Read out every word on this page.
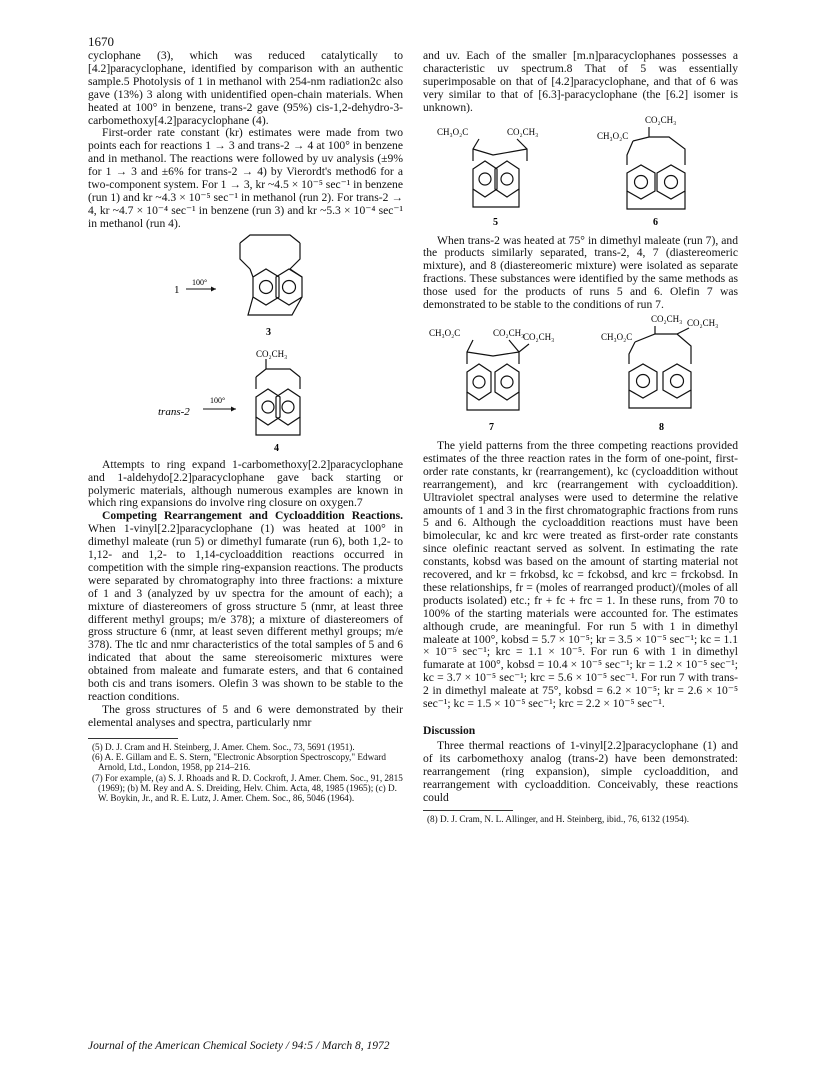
1670

cyclophane (3), which was reduced catalytically to [4.2]paracyclophane, identified by comparison with an authentic sample.5 Photolysis of 1 in methanol with 254-nm radiation2c also gave (13%) 3 along with unidentified open-chain materials. When heated at 100° in benzene, trans-2 gave (95%) cis-1,2-dehydro-3-carbomethoxy[4.2]paracyclophane (4).

First-order rate constant (kr) estimates were made from two points each for reactions 1 → 3 and trans-2 → 4 at 100° in benzene and in methanol. The reactions were followed by uv analysis (±9% for 1 → 3 and ±6% for trans-2 → 4) by Vierordt's method6 for a two-component system. For 1 → 3, kr ~4.5 × 10⁻⁵ sec⁻¹ in benzene (run 1) and kr ~4.3 × 10⁻⁵ sec⁻¹ in methanol (run 2). For trans-2 → 4, kr ~4.7 × 10⁻⁴ sec⁻¹ in benzene (run 3) and kr ~5.3 × 10⁻⁴ sec⁻¹ in methanol (run 4).

1
100°
3
CO₂CH₃
trans-2
100°
4

Attempts to ring expand 1-carbomethoxy[2.2]paracyclophane and 1-aldehydo[2.2]paracyclophane gave back starting or polymeric materials, although numerous examples are known in which ring expansions do involve ring closure on oxygen.7

Competing Rearrangement and Cycloaddition Reactions. When 1-vinyl[2.2]paracyclophane (1) was heated at 100° in dimethyl maleate (run 5) or dimethyl fumarate (run 6), both 1,2- to 1,12- and 1,2- to 1,14-cycloaddition reactions occurred in competition with the simple ring-expansion reactions. The products were separated by chromatography into three fractions: a mixture of 1 and 3 (analyzed by uv spectra for the amount of each); a mixture of diastereomers of gross structure 5 (nmr, at least three different methyl groups; m/e 378); a mixture of diastereomers of gross structure 6 (nmr, at least seven different methyl groups; m/e 378). The tlc and nmr characteristics of the total samples of 5 and 6 indicated that about the same stereoisomeric mixtures were obtained from maleate and fumarate esters, and that 6 contained both cis and trans isomers. Olefin 3 was shown to be stable to the reaction conditions.

The gross structures of 5 and 6 were demonstrated by their elemental analyses and spectra, particularly nmr

(5) D. J. Cram and H. Steinberg, J. Amer. Chem. Soc., 73, 5691 (1951).

(6) A. E. Gillam and E. S. Stern, "Electronic Absorption Spectroscopy," Edward Arnold, Ltd., London, 1958, pp 214–216.

(7) For example, (a) S. J. Rhoads and R. D. Cockroft, J. Amer. Chem. Soc., 91, 2815 (1969); (b) M. Rey and A. S. Dreiding, Helv. Chim. Acta, 48, 1985 (1965); (c) D. W. Boykin, Jr., and R. E. Lutz, J. Amer. Chem. Soc., 86, 5046 (1964).

and uv. Each of the smaller [m.n]paracyclophanes possesses a characteristic uv spectrum.8 That of 5 was essentially superimposable on that of [4.2]paracyclophane, and that of 6 was very similar to that of [6.3]-paracyclophane (the [6.2] isomer is unknown).

CH₃O₂C	CO₂CH₃
5
CO₂CH₃
CH₃O₂C
6

When trans-2 was heated at 75° in dimethyl maleate (run 7), and the products similarly separated, trans-2, 4, 7 (diastereomeric mixture), and 8 (diastereomeric mixture) were isolated as separate fractions. These substances were identified by the same methods as those used for the products of runs 5 and 6. Olefin 7 was demonstrated to be stable to the conditions of run 7.

CH₃O₂C	CO₂CH₃
CO₂CH₃
7
CH₃O₂C
CO₂CH₃ CO₂CH₃
8

The yield patterns from the three competing reactions provided estimates of the three reaction rates in the form of one-point, first-order rate constants, kr (rearrangement), kc (cycloaddition without rearrangement), and krc (rearrangement with cycloaddition). Ultraviolet spectral analyses were used to determine the relative amounts of 1 and 3 in the first chromatographic fractions from runs 5 and 6. Although the cycloaddition reactions must have been bimolecular, kc and krc were treated as first-order rate constants since olefinic reactant served as solvent. In estimating the rate constants, kobsd was based on the amount of starting material not recovered, and kr = frkobsd, kc = fckobsd, and krc = frckobsd. In these relationships, fr = (moles of rearranged product)/(moles of all products isolated) etc.; fr + fc + frc = 1. In these runs, from 70 to 100% of the starting materials were accounted for. The estimates although crude, are meaningful. For run 5 with 1 in dimethyl maleate at 100°, kobsd = 5.7 × 10⁻⁵; kr = 3.5 × 10⁻⁵ sec⁻¹; kc = 1.1 × 10⁻⁵ sec⁻¹; krc = 1.1 × 10⁻⁵. For run 6 with 1 in dimethyl fumarate at 100°, kobsd = 10.4 × 10⁻⁵ sec⁻¹; kr = 1.2 × 10⁻⁵ sec⁻¹; kc = 3.7 × 10⁻⁵ sec⁻¹; krc = 5.6 × 10⁻⁵ sec⁻¹. For run 7 with trans-2 in dimethyl maleate at 75°, kobsd = 6.2 × 10⁻⁵; kr = 2.6 × 10⁻⁵ sec⁻¹; kc = 1.5 × 10⁻⁵ sec⁻¹; krc = 2.2 × 10⁻⁵ sec⁻¹.

Discussion

Three thermal reactions of 1-vinyl[2.2]paracyclophane (1) and of its carbomethoxy analog (trans-2) have been demonstrated: rearrangement (ring expansion), simple cycloaddition, and rearrangement with cycloaddition. Conceivably, these reactions could

(8) D. J. Cram, N. L. Allinger, and H. Steinberg, ibid., 76, 6132 (1954).

Journal of the American Chemical Society / 94:5 / March 8, 1972
